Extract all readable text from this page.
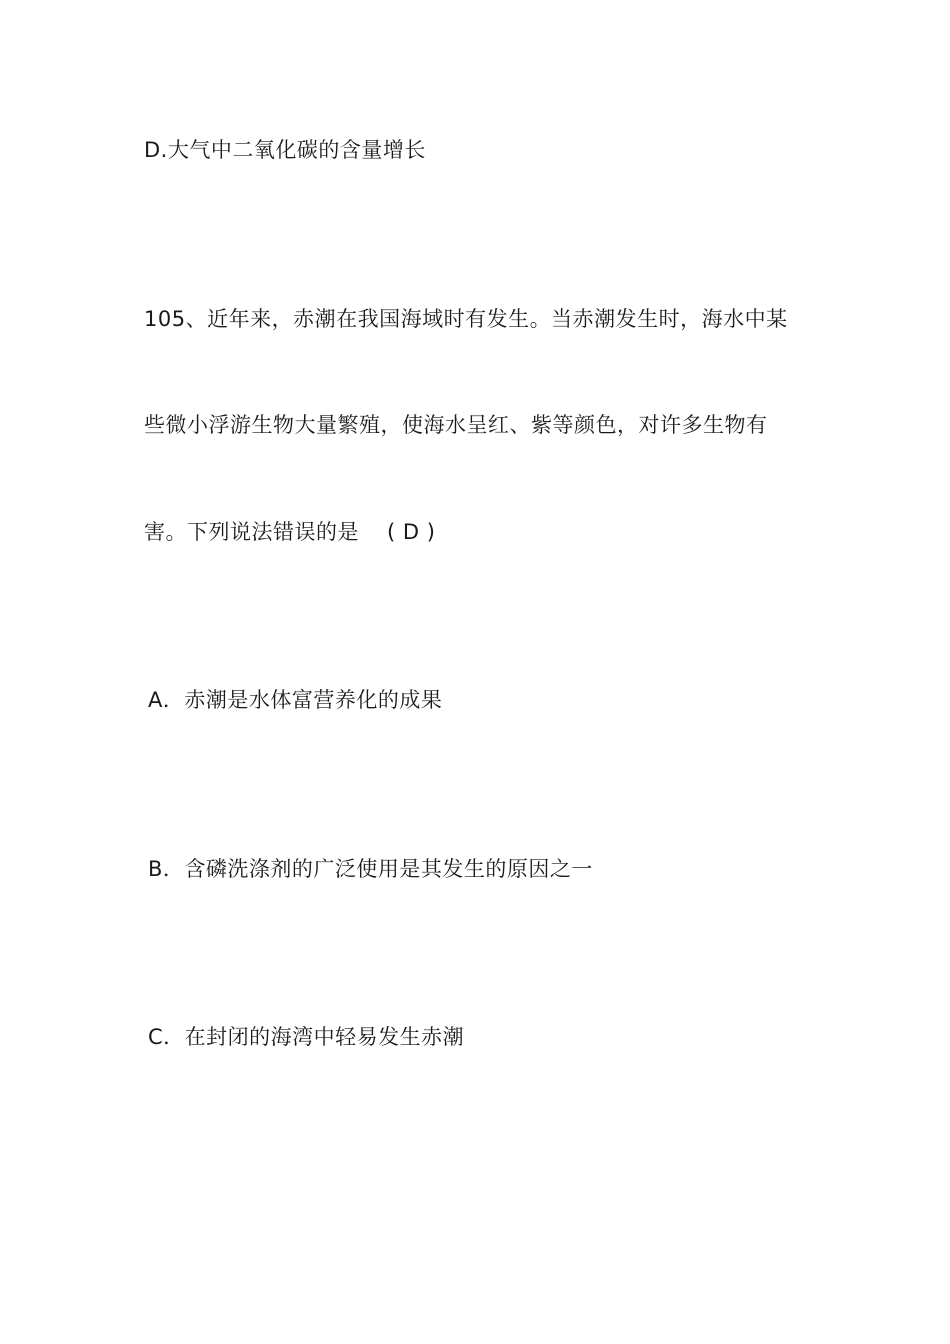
D.大气中二氧化碳的含量增长
105、近年来，赤潮在我国海域时有发生。当赤潮发生时，海水中某
些微小浮游生物大量繁殖，使海水呈红、紫等颜色，对许多生物有
害。下列说法错误的是 ( D )
A．赤潮是水体富营养化的成果
B．含磷洗涤剂的广泛使用是其发生的原因之一
C．在封闭的海湾中轻易发生赤潮
